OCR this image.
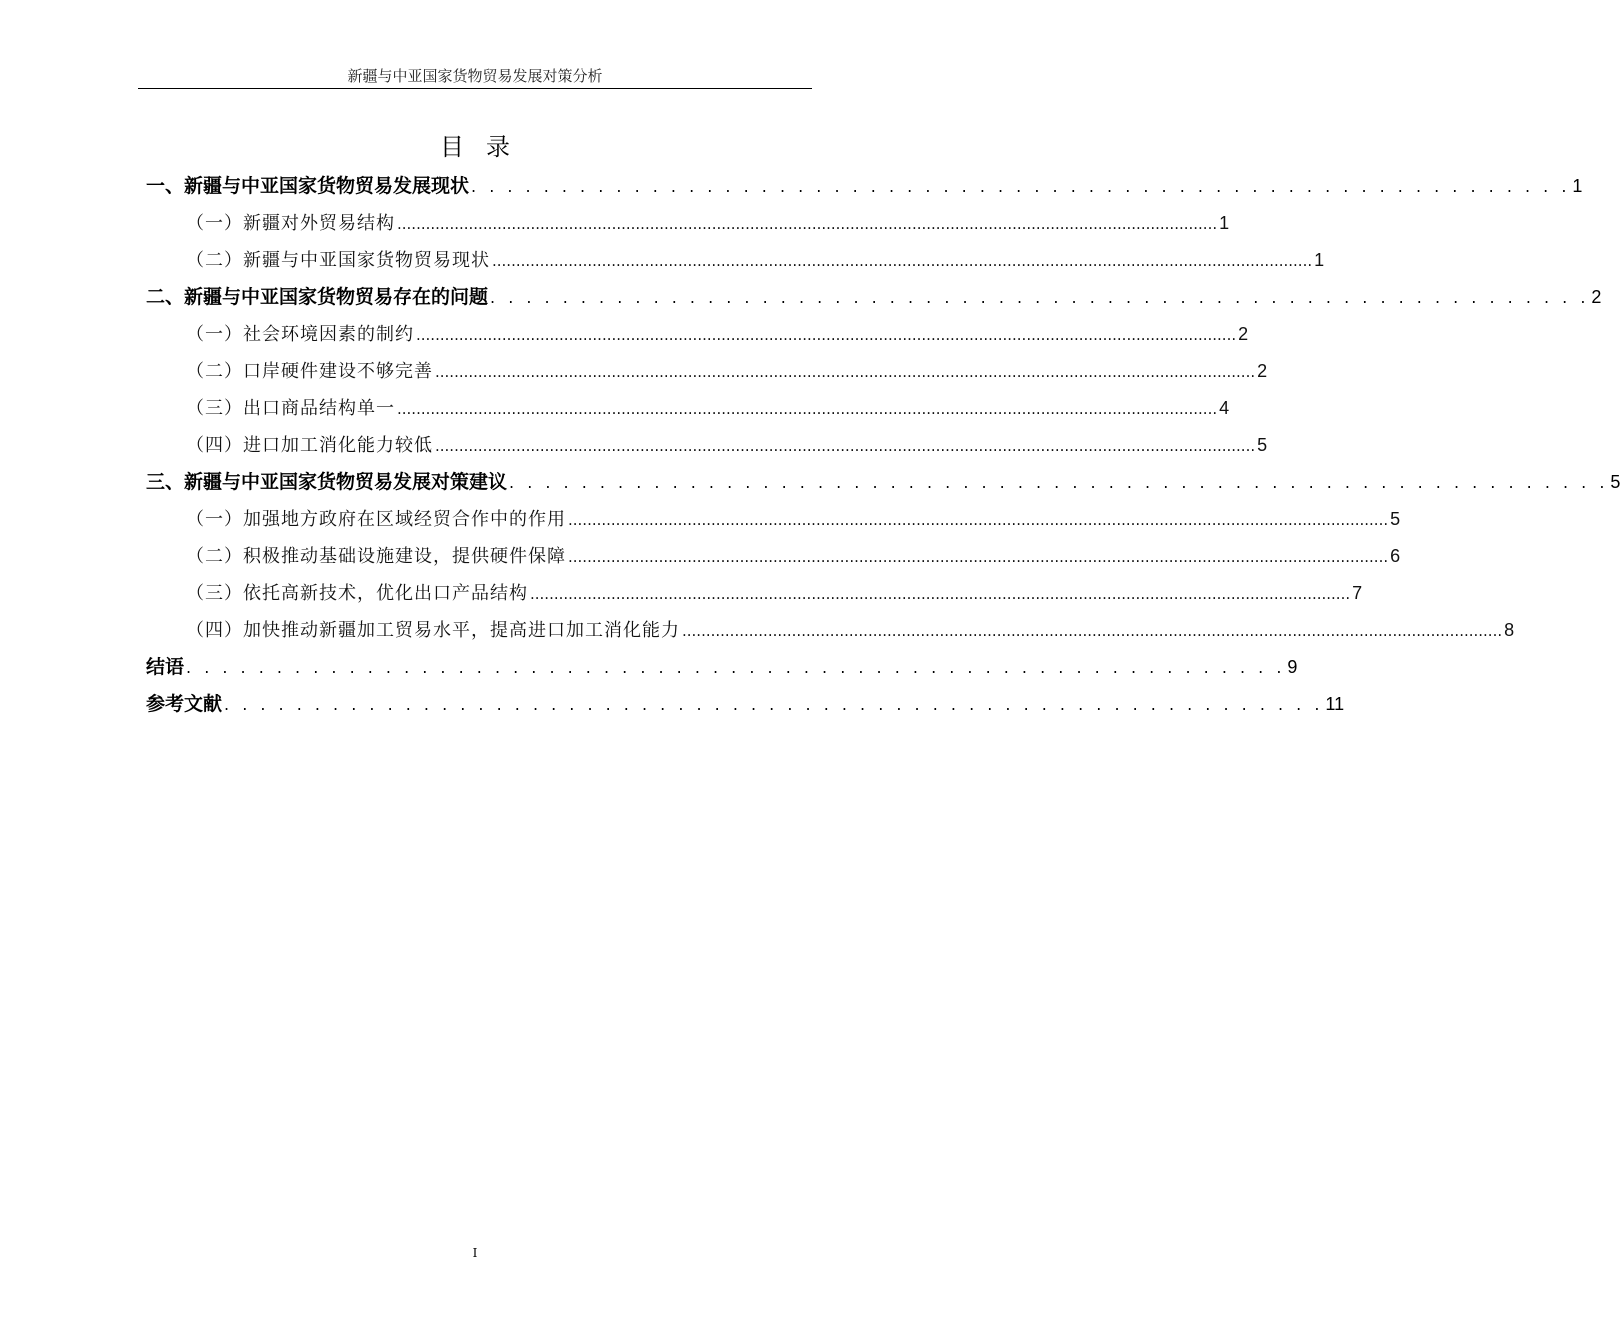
新疆与中亚国家货物贸易发展对策分析
目录
一、新疆与中亚国家货物贸易发展现状 . . . . . . . . . . . . . . . . . . . . . . . . . . . . . . . . . . . . . . . . . . . . . . . . . . . . . . . . . . . . . 1
（一）新疆对外贸易结构 ............................................................................................................................................................................ 1
（二）新疆与中亚国家货物贸易现状 ............................................................................................................................................................................ 1
二、新疆与中亚国家货物贸易存在的问题 . . . . . . . . . . . . . . . . . . . . . . . . . . . . . . . . . . . . . . . . . . . . . . . . . . . . . . . . . . . . . 2
（一）社会环境因素的制约 ............................................................................................................................................................................ 2
（二）口岸硬件建设不够完善 ............................................................................................................................................................................ 2
（三）出口商品结构单一 ............................................................................................................................................................................ 4
（四）进口加工消化能力较低 ............................................................................................................................................................................ 5
三、新疆与中亚国家货物贸易发展对策建议 . . . . . . . . . . . . . . . . . . . . . . . . . . . . . . . . . . . . . . . . . . . . . . . . . . . . . . . . . . . . . 5
（一）加强地方政府在区域经贸合作中的作用 ............................................................................................................................................................................ 5
（二）积极推动基础设施建设，提供硬件保障 ............................................................................................................................................................................ 6
（三）依托高新技术，优化出口产品结构 ............................................................................................................................................................................ 7
（四）加快推动新疆加工贸易水平，提高进口加工消化能力 ............................................................................................................................................................................ 8
结语 . . . . . . . . . . . . . . . . . . . . . . . . . . . . . . . . . . . . . . . . . . . . . . . . . . . . . . . . . . . . . 9
参考文献 . . . . . . . . . . . . . . . . . . . . . . . . . . . . . . . . . . . . . . . . . . . . . . . . . . . . . . . . . . . . . 11
I
